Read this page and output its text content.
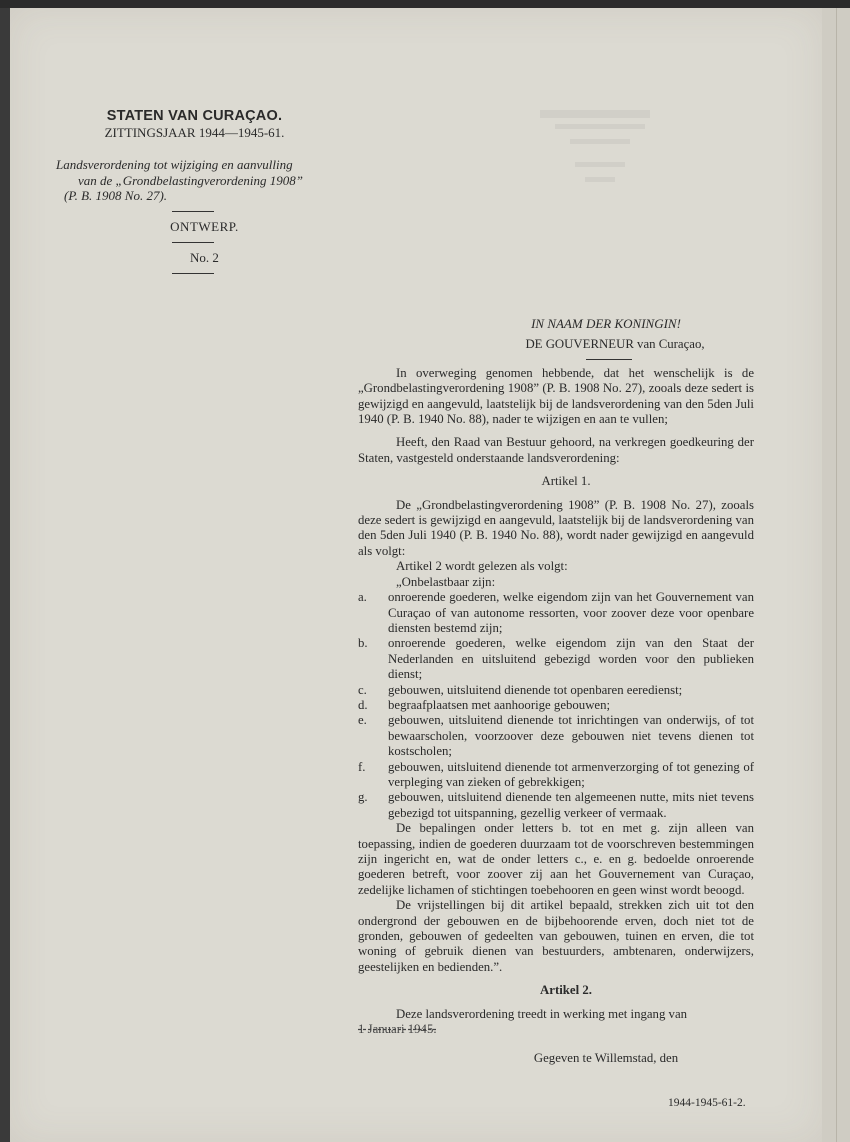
STATEN VAN CURAÇAO.
ZITTINGSJAAR 1944—1945-61.
Landsverordening tot wijziging en aanvulling
van de „Grondbelastingverordening 1908”
(P. B. 1908 No. 27).
ONTWERP.
No. 2
IN NAAM DER KONINGIN!
DE GOUVERNEUR van Curaçao,

In overweging genomen hebbende, dat het wenschelijk is de „Grondbelastingverordening 1908” (P. B. 1908 No. 27), zooals deze sedert is gewijzigd en aangevuld, laatstelijk bij de landsverordening van den 5den Juli 1940 (P. B. 1940 No. 88), nader te wijzigen en aan te vullen;

Heeft, den Raad van Bestuur gehoord, na verkregen goedkeuring der Staten, vastgesteld onderstaande landsverordening:

Artikel 1.

De „Grondbelastingverordening 1908” (P. B. 1908 No. 27), zooals deze sedert is gewijzigd en aangevuld, laatstelijk bij de landsverordening van den 5den Juli 1940 (P. B. 1940 No. 88), wordt nader gewijzigd en aangevuld als volgt:

Artikel 2 wordt gelezen als volgt:
„Onbelastbaar zijn:
a.	onroerende goederen, welke eigendom zijn van het Gouvernement van Curaçao of van autonome ressorten, voor zoover deze voor openbare diensten bestemd zijn;
b.	onroerende goederen, welke eigendom zijn van den Staat der Nederlanden en uitsluitend gebezigd worden voor den publieken dienst;
c.	gebouwen, uitsluitend dienende tot openbaren eeredienst;
d.	begraafplaatsen met aanhoorige gebouwen;
e.	gebouwen, uitsluitend dienende tot inrichtingen van onderwijs, of tot bewaarscholen, voorzoover deze gebouwen niet tevens dienen tot kostscholen;
f.	gebouwen, uitsluitend dienende tot armenverzorging of tot genezing of verpleging van zieken of gebrekkigen;
g.	gebouwen, uitsluitend dienende ten algemeenen nutte, mits niet tevens gebezigd tot uitspanning, gezellig verkeer of vermaak.

De bepalingen onder letters b. tot en met g. zijn alleen van toepassing, indien de goederen duurzaam tot de voorschreven bestemmingen zijn ingericht en, wat de onder letters c., e. en g. bedoelde onroerende goederen betreft, voor zoover zij aan het Gouvernement van Curaçao, zedelijke lichamen of stichtingen toebehooren en geen winst wordt beoogd.

De vrijstellingen bij dit artikel bepaald, strekken zich uit tot den ondergrond der gebouwen en de bijbehoorende erven, doch niet tot de gronden, gebouwen of gedeelten van gebouwen, tuinen en erven, die tot woning of gebruik dienen van bestuurders, ambtenaren, onderwijzers, geestelijken en bedienden.”.

Artikel 2.

Deze landsverordening treedt in werking met ingang van

1 Januari 1945.
Gegeven te Willemstad, den
1944-1945-61-2.
